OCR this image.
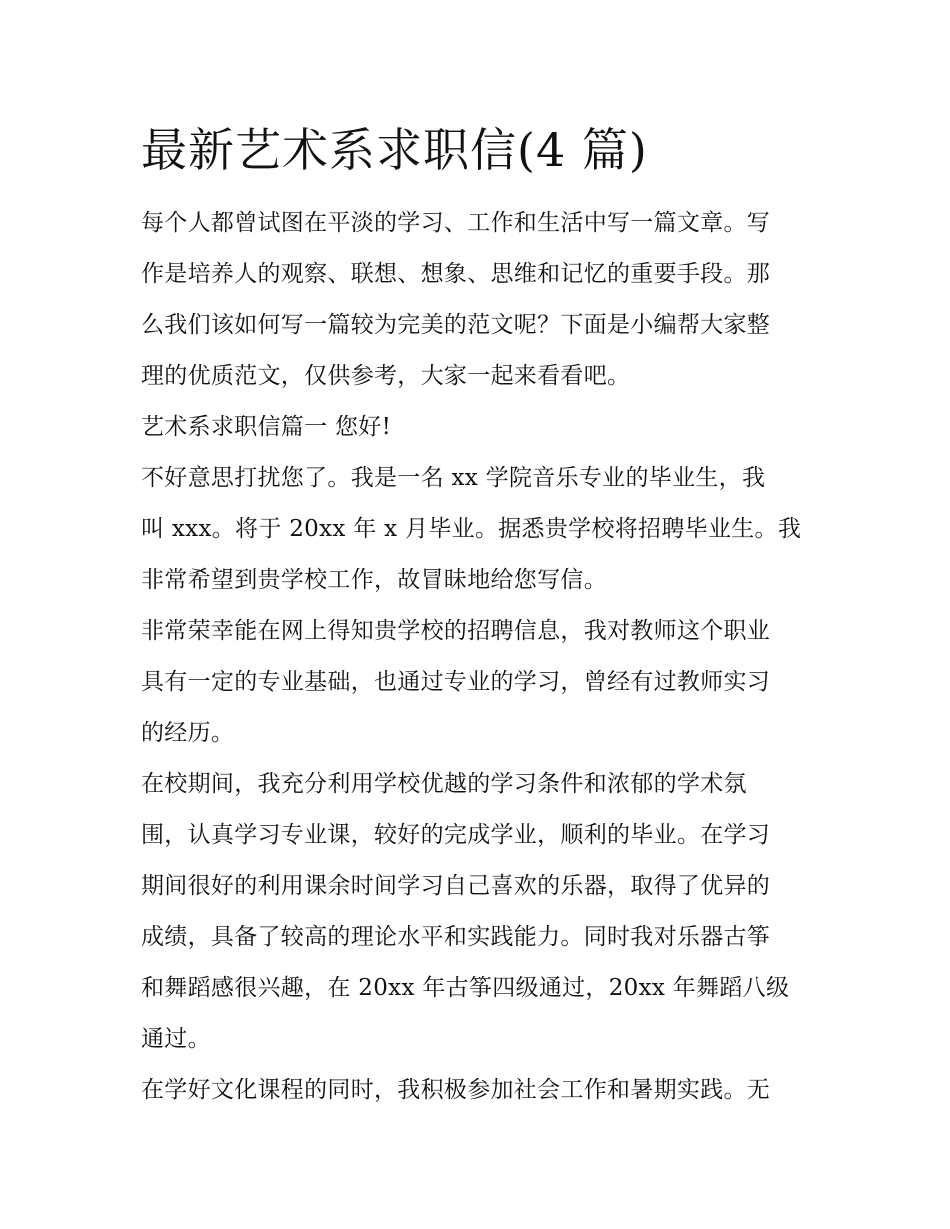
最新艺术系求职信(4 篇)

每个人都曾试图在平淡的学习、工作和生活中写一篇文章。写
作是培养人的观察、联想、想象、思维和记忆的重要手段。那
么我们该如何写一篇较为完美的范文呢？下面是小编帮大家整
理的优质范文，仅供参考，大家一起来看看吧。

艺术系求职信篇一 您好!

不好意思打扰您了。我是一名 xx 学院音乐专业的毕业生，我
叫 xxx。将于 20xx 年 x 月毕业。据悉贵学校将招聘毕业生。我
非常希望到贵学校工作，故冒昧地给您写信。

非常荣幸能在网上得知贵学校的招聘信息，我对教师这个职业
具有一定的专业基础，也通过专业的学习，曾经有过教师实习
的经历。

在校期间，我充分利用学校优越的学习条件和浓郁的学术氛
围，认真学习专业课，较好的完成学业，顺利的毕业。在学习
期间很好的利用课余时间学习自己喜欢的乐器，取得了优异的
成绩，具备了较高的理论水平和实践能力。同时我对乐器古筝
和舞蹈感很兴趣，在 20xx 年古筝四级通过，20xx 年舞蹈八级
通过。

在学好文化课程的同时，我积极参加社会工作和暑期实践。无
